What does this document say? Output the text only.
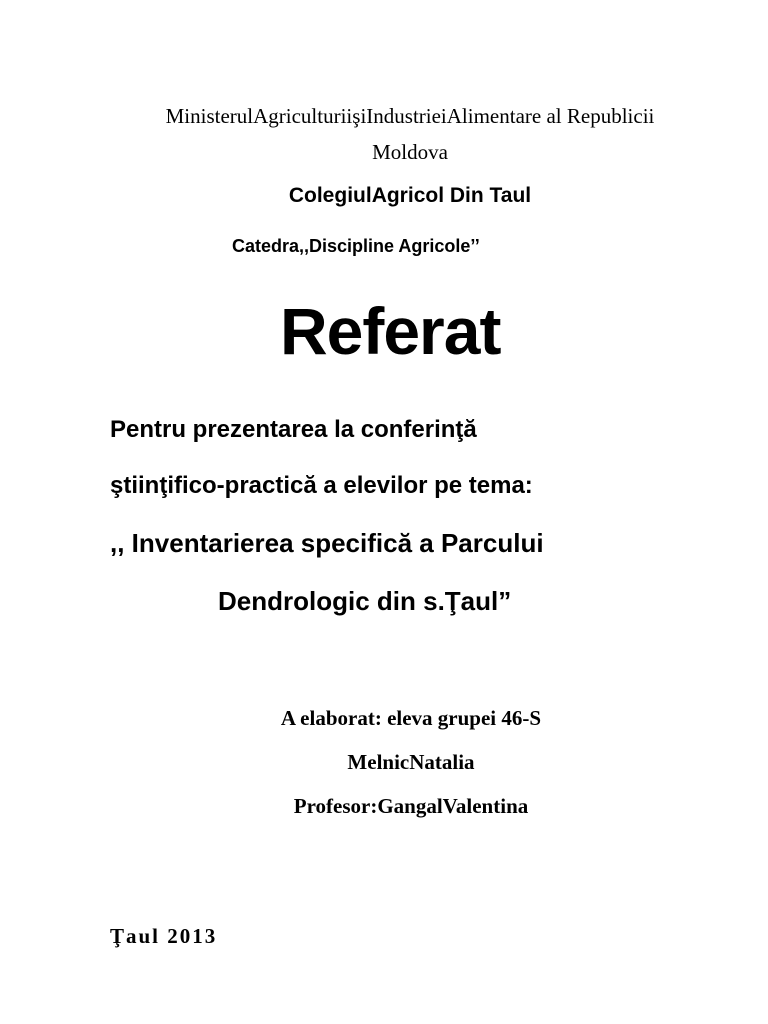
MinisterulAgriculturiişiIndustrieiAlimentare al Republicii
Moldova
ColegiulAgricol Din Taul
Catedra,,Discipline Agricole’’
Referat
Pentru prezentarea la conferinţă
ştiinţifico-practică a elevilor pe tema:
,, Inventarierea specifică a Parcului
Dendrologic din s.Ţaul”
A elaborat: eleva grupei 46-S
MelnicNatalia
Profesor:GangalValentina
Ţaul 2013
